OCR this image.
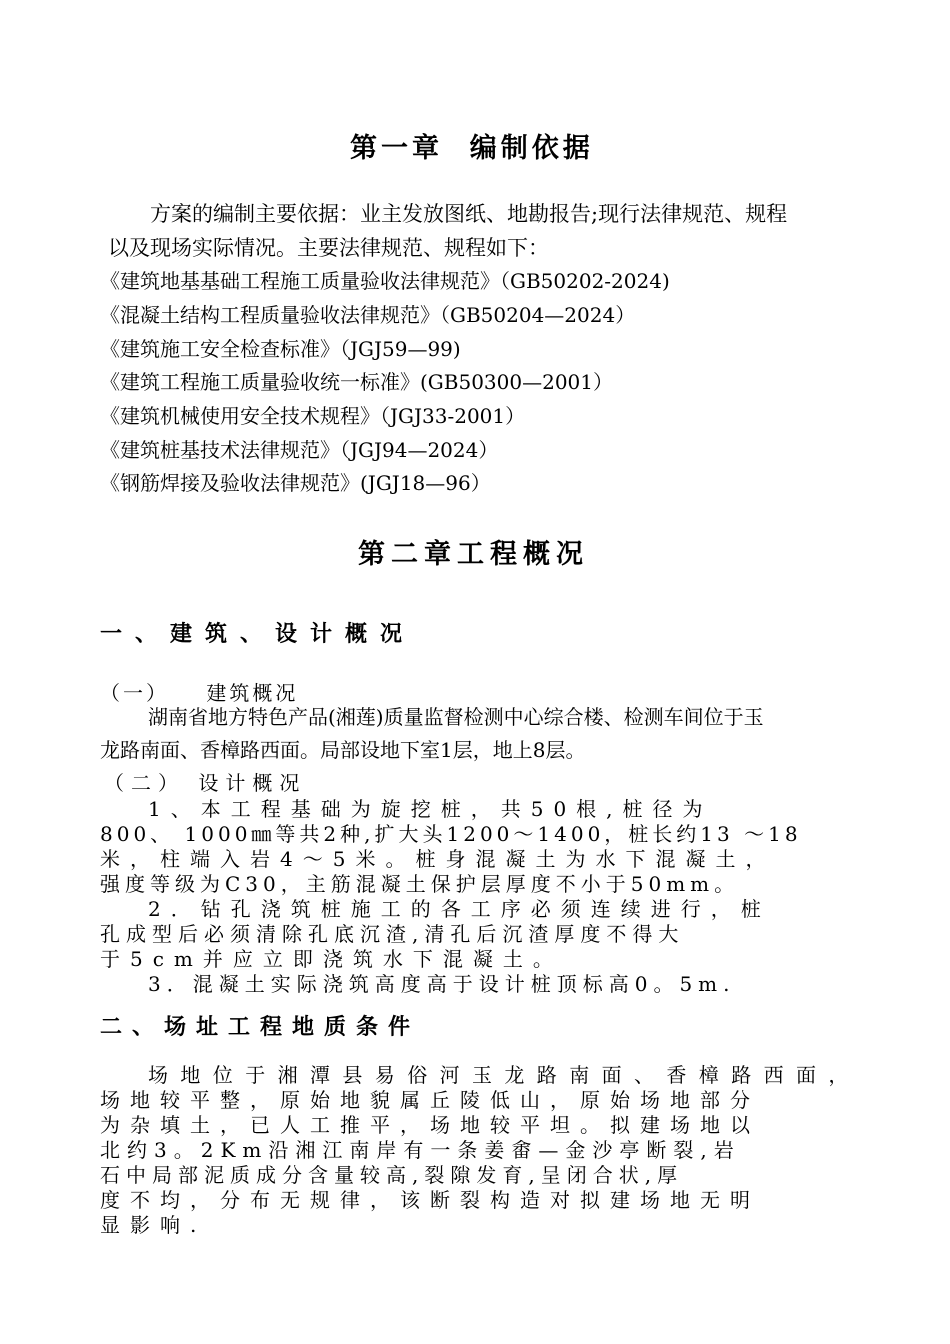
第一章  编制依据
方案的编制主要依据：业主发放图纸、地勘报告;现行法律规范、规程
以及现场实际情况。主要法律规范、规程如下：
《建筑地基基础工程施工质量验收法律规范》（GB50202-2024)
《混凝土结构工程质量验收法律规范》（GB50204—2024）
《建筑施工安全检查标准》（JGJ59—99)
《建筑工程施工质量验收统一标准》(GB50300—2001）
《建筑机械使用安全技术规程》（JGJ33-2001）
《建筑桩基技术法律规范》（JGJ94—2024）
《钢筋焊接及验收法律规范》(JGJ18—96）
第二章工程概况
一、建筑、设计概况
（一）    建筑概况
湖南省地方特色产品(湘莲)质量监督检测中心综合楼、检测车间位于玉
龙路南面、香樟路西面。局部设地下室1层，地上8层。
（二） 设计概况
1、本工程基础为旋挖桩，共50根,桩径为
800、 1000㎜等共2种,扩大头1200～1400，桩长约13 ～18
米，柱端入岩4～5米。桩身混凝土为水下混凝土，
强度等级为C30，主筋混凝土保护层厚度不小于50mm。
2．钻孔浇筑桩施工的各工序必须连续进行，桩
孔成型后必须清除孔底沉渣,清孔后沉渣厚度不得大
于5cm并应立即浇筑水下混凝土。
3．混凝土实际浇筑高度高于设计桩顶标高0。5m.
二、场址工程地质条件
场地位于湘潭县易俗河玉龙路南面、香樟路西面，
场地较平整，原始地貌属丘陵低山，原始场地部分
为杂填土，已人工推平，场地较平坦。拟建场地以
北约3。2Km沿湘江南岸有一条姜畬—金沙亭断裂,岩
石中局部泥质成分含量较高,裂隙发育,呈闭合状,厚
度不均，分布无规律，该断裂构造对拟建场地无明
显影响.
